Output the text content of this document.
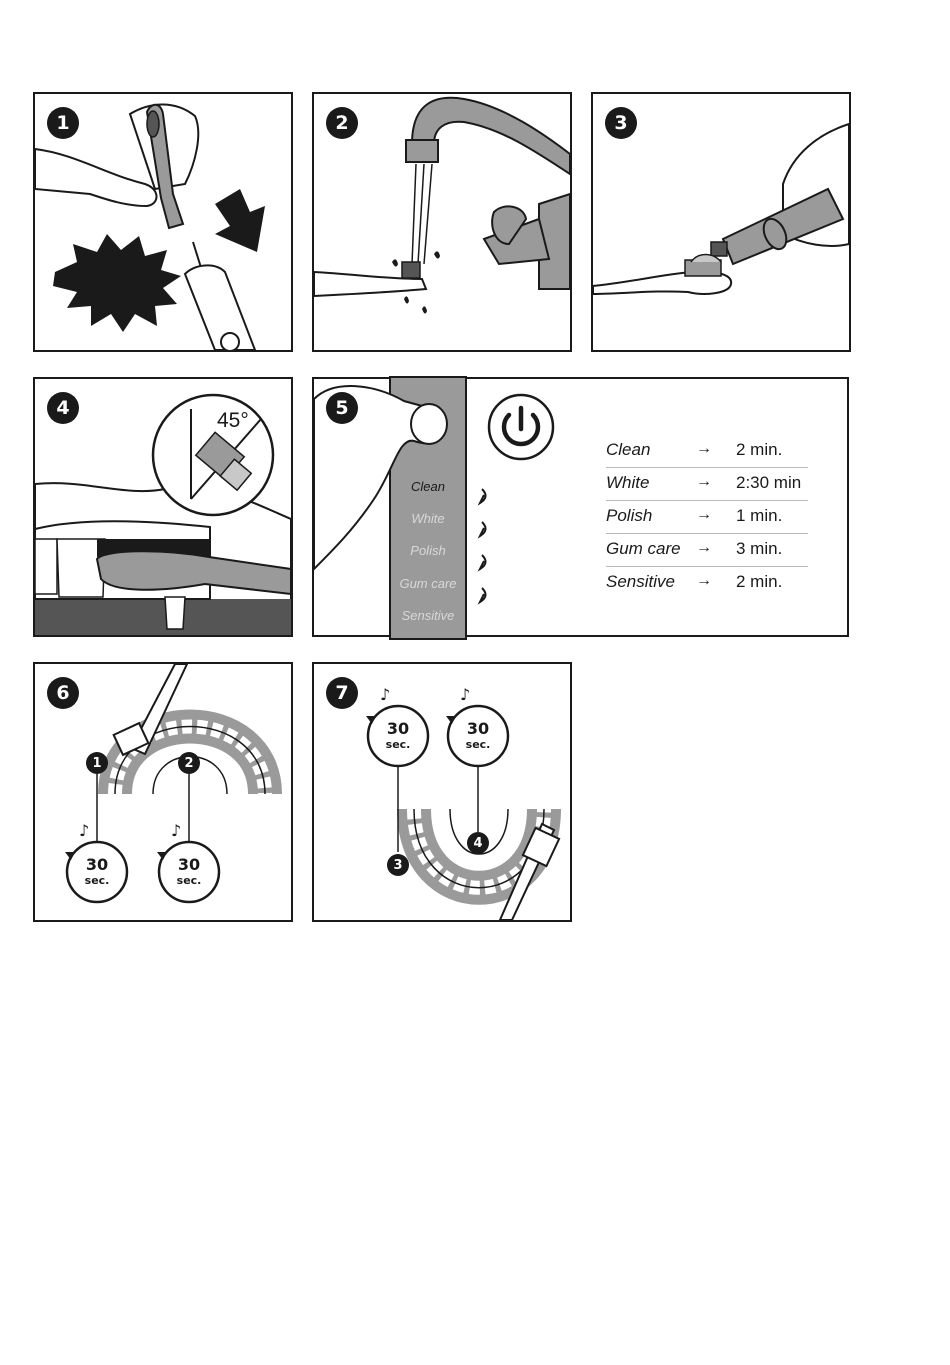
1
CLICK
2	3
4
45°
5
Clean
White
Polish
Gum care
Sensitive
Clean	→ 2 min.
White	→ 2:30 min
Polish	→ 1 min.
Gum care → 3 min.
Sensitive → 2 min.
♪	♪
6
1	2
30
sec.
30
sec.
♪	♪
7
3
4
30
sec.
30
sec.
